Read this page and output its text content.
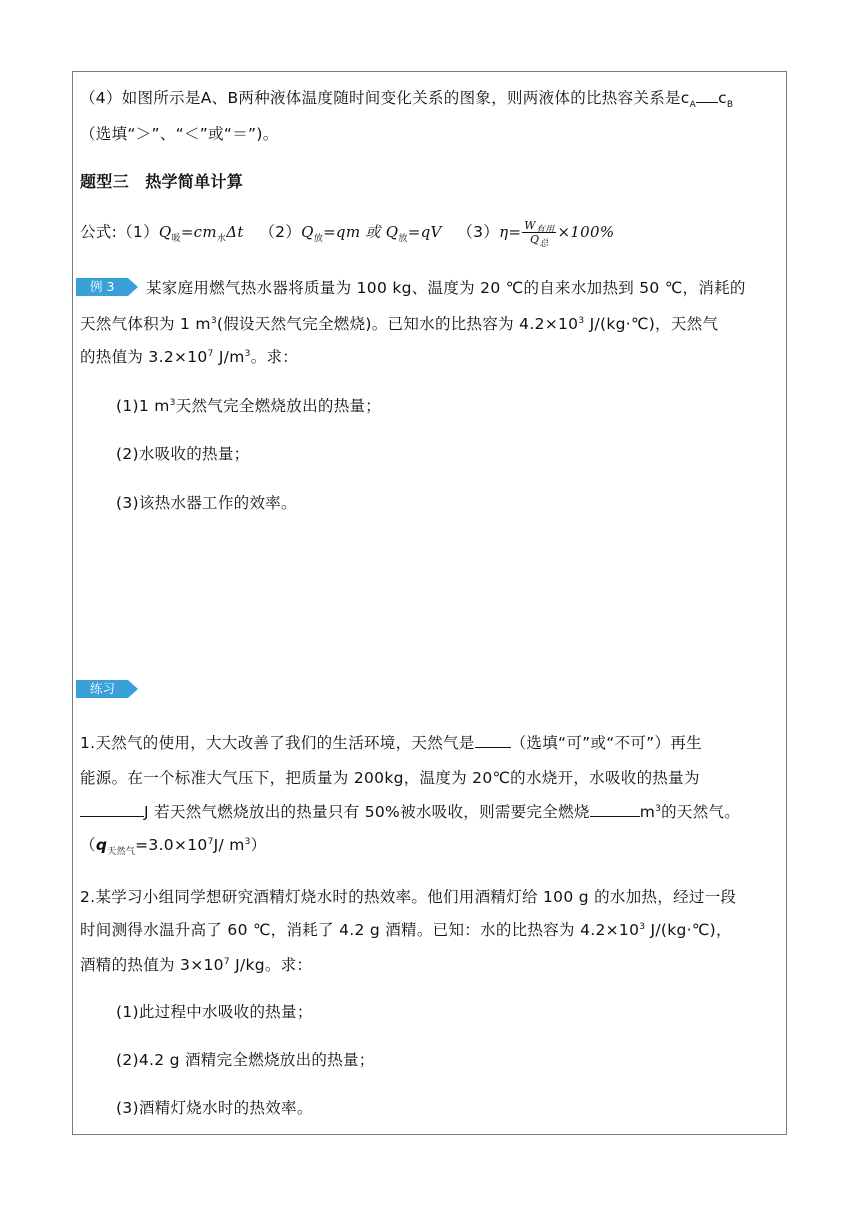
（4）如图所示是A、B两种液体温度随时间变化关系的图象，则两液体的比热容关系是$c_A$ $c_B$
（选填“＞”、“＜”或“＝”)。
题型三　热学简单计算
公式$:(1)Q_吸=cm_水\Delta t$ $(2)Q_放=qm$ 或 $Q_放=qV$ $(3)\eta= \frac{W_{有用}}{Q_总} \times 100\%$
例 3	某家庭用燃气热水器将质量为 100 kg、温度为 20 ℃的自来水加热到 50 ℃，消耗的
天然气体积为 1 $m^3$(假设天然气完全燃烧)。已知水的比热容为 $4.2\times 10^3$ J/(kg·℃)，天然气
的热值为 $3.2\times 10^7$ $J/m^3$。求：
(1)1 $m^3$天然气完全燃烧放出的热量；
(2)水吸收的热量；
(3)该热水器工作的效率。
练习
1.天然气的使用，大大改善了我们的生活环境，天然气是 （选填“可”或“不可”）再生
能源。在一个标准大气压下，把质量为 200kg，温度为 20℃的水烧开，水吸收的热量为
J 若天然气燃烧放出的热量只有 50%被水吸收，则需要完全燃烧	$m^3$的天然气。
（$q_{天然气}=3.0\times 10^7J/$ $m^3$）
2.某学习小组同学想研究酒精灯烧水时的热效率。他们用酒精灯给 100 g 的水加热，经过一段
时间测得水温升高了 60 ℃，消耗了 4.2 g 酒精。已知：水的比热容为 $4.2\times 10^3$ J/(kg·℃)，
酒精的热值为 $3\times 10^7$ J/kg。求：
(1)此过程中水吸收的热量；
(2)4.2 g 酒精完全燃烧放出的热量；
(3)酒精灯烧水时的热效率。
